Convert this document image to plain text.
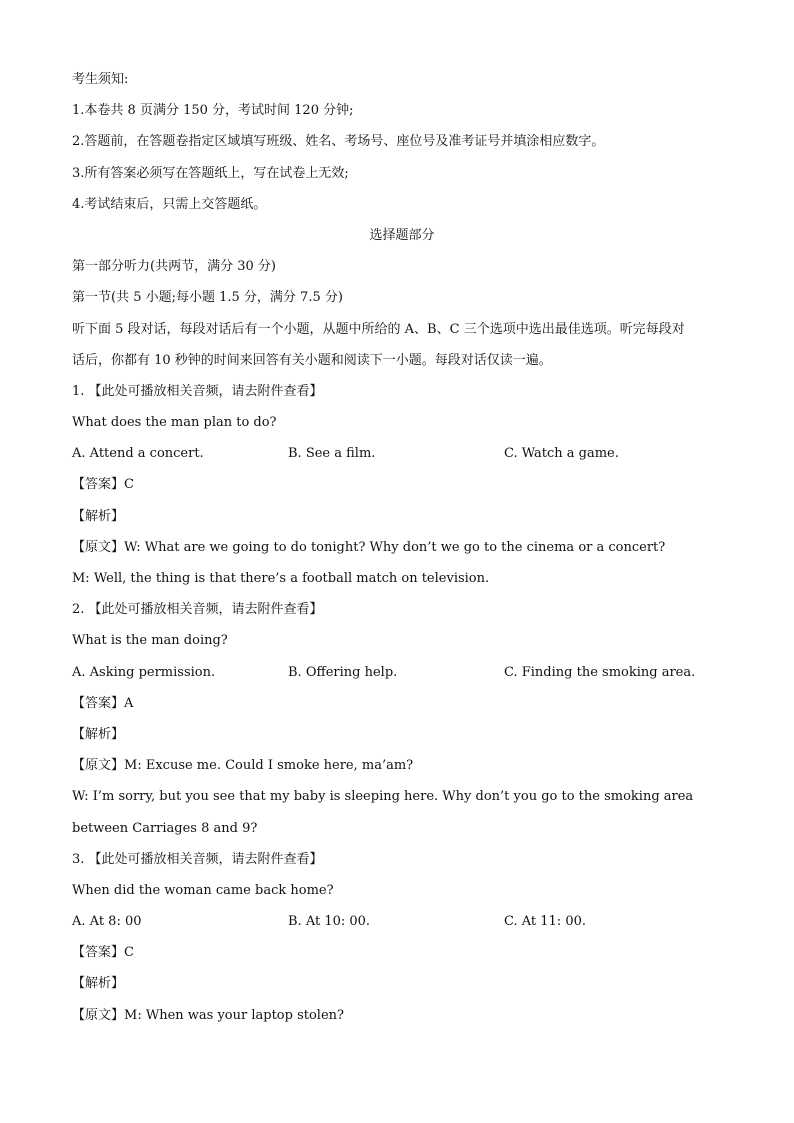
考生须知:
1.本卷共 8 页满分 150 分，考试时间 120 分钟;
2.答题前，在答题卷指定区域填写班级、姓名、考场号、座位号及准考证号并填涂相应数字。
3.所有答案必须写在答题纸上，写在试卷上无效;
4.考试结束后，只需上交答题纸。
选择题部分
第一部分听力(共两节，满分 30 分)
第一节(共 5 小题;每小题 1.5 分，满分 7.5 分)
听下面 5 段对话，每段对话后有一个小题，从题中所给的 A、B、C 三个选项中选出最佳选项。听完每段对
话后，你都有 10 秒钟的时间来回答有关小题和阅读下一小题。每段对话仅读一遍。
1. 【此处可播放相关音频，请去附件查看】
What does the man plan to do?
A. Attend a concert.	B. See a film.	C. Watch a game.
【答案】C
【解析】
【原文】W: What are we going to do tonight? Why don’t we go to the cinema or a concert?
M: Well, the thing is that there’s a football match on television.
2. 【此处可播放相关音频，请去附件查看】
What is the man doing?
A. Asking permission.	B. Offering help.	C. Finding the smoking area.
【答案】A
【解析】
【原文】M: Excuse me. Could I smoke here, ma’am?
W: I’m sorry, but you see that my baby is sleeping here. Why don’t you go to the smoking area
between Carriages 8 and 9?
3. 【此处可播放相关音频，请去附件查看】
When did the woman came back home?
A. At 8: 00	B. At 10: 00.	C. At 11: 00.
【答案】C
【解析】
【原文】M: When was your laptop stolen?
